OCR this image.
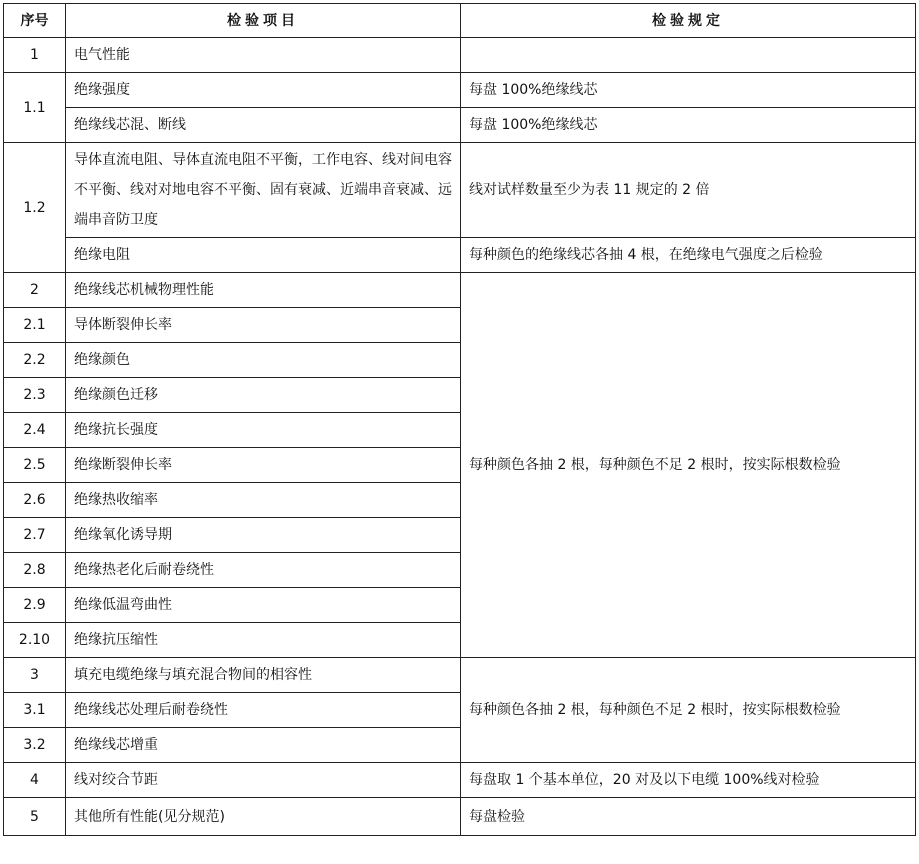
序号	检验项目	检验规定
1	电气性能	
1.1	绝缘强度	每盘 100%绝缘线芯
	绝缘线芯混、断线	每盘 100%绝缘线芯
1.2	导体直流电阻、导体直流电阻不平衡，工作电容、线对间电容不平衡、线对对地电容不平衡、固有衰减、近端串音衰减、远端串音防卫度	线对试样数量至少为表 11 规定的 2 倍
	绝缘电阻	每种颜色的绝缘线芯各抽 4 根，在绝缘电气强度之后检验
2	绝缘线芯机械物理性能	每种颜色各抽 2 根，每种颜色不足 2 根时，按实际根数检验
2.1	导体断裂伸长率	
2.2	绝缘颜色	
2.3	绝缘颜色迁移	
2.4	绝缘抗长强度	
2.5	绝缘断裂伸长率	
2.6	绝缘热收缩率	
2.7	绝缘氧化诱导期	
2.8	绝缘热老化后耐卷绕性	
2.9	绝缘低温弯曲性	
2.10	绝缘抗压缩性	
3	填充电缆绝缘与填充混合物间的相容性	每种颜色各抽 2 根，每种颜色不足 2 根时，按实际根数检验
3.1	绝缘线芯处理后耐卷绕性	
3.2	绝缘线芯增重	
4	线对绞合节距	每盘取 1 个基本单位，20 对及以下电缆 100%线对检验
5	其他所有性能(见分规范)	每盘检验
